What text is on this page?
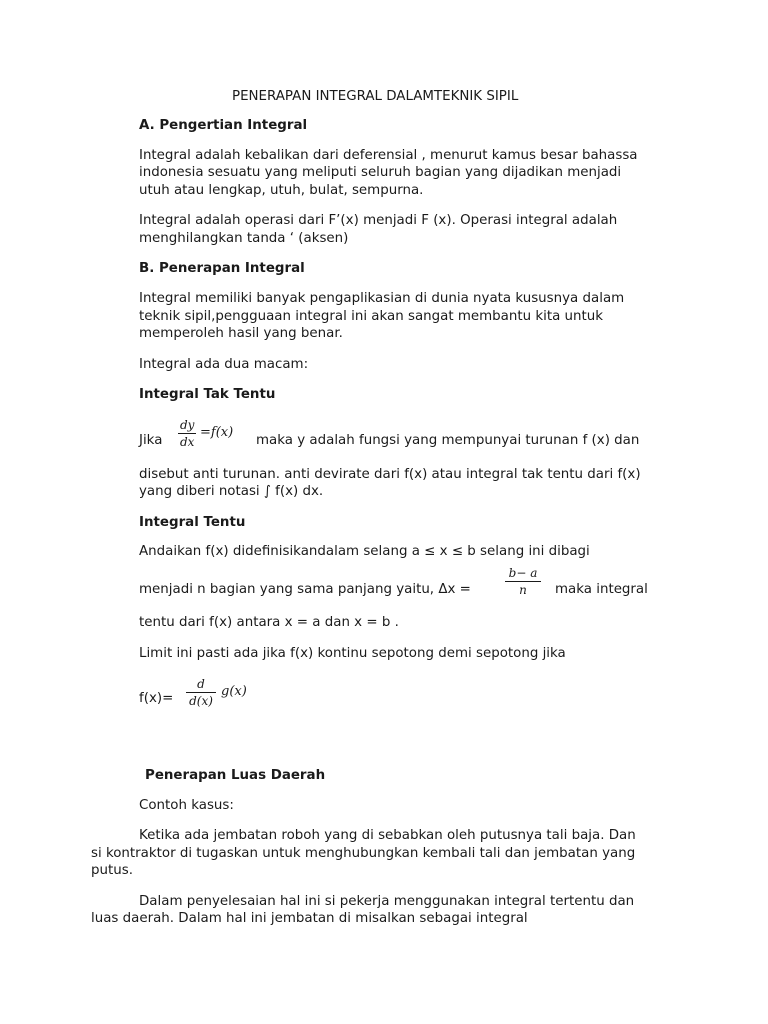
PENERAPAN INTEGRAL DALAMTEKNIK SIPIL
A. Pengertian Integral
Integral adalah kebalikan dari deferensial , menurut kamus besar bahassa
indonesia sesuatu yang meliputi seluruh bagian yang dijadikan menjadi
utuh atau lengkap, utuh, bulat, sempurna.
Integral adalah operasi dari F’(x) menjadi F (x). Operasi integral adalah
menghilangkan tanda ‘ (aksen)
B. Penerapan Integral
Integral memiliki banyak pengaplikasian di dunia nyata kususnya dalam
teknik sipil,pengguaan integral ini akan sangat membantu kita untuk
memperoleh hasil yang benar.
Integral ada dua macam:
Integral Tak Tentu
Jika $\frac{dy}{dx} =f(x)$
maka y adalah fungsi yang mempunyai turunan f (x) dan
disebut anti turunan. anti devirate dari f(x) atau integral tak tentu dari f(x)
yang diberi notasi ∫ f(x) dx.
Integral Tentu
Andaikan f(x) didefinisikandalam selang a ≤ x ≤ b selang ini dibagi
menjadi n bagian yang sama panjang yaitu, Δx =	$\frac{b- a}{n}$ maka integral
tentu dari f(x) antara x = a dan x = b .
Limit ini pasti ada jika f(x) kontinu sepotong demi sepotong jika
$f(x)= \frac{d}{d(x)} g(x)$
Penerapan Luas Daerah
Contoh kasus:
Ketika ada jembatan roboh yang di sebabkan oleh putusnya tali baja. Dan
si kontraktor di tugaskan untuk menghubungkan kembali tali dan jembatan yang
putus.
Dalam penyelesaian hal ini si pekerja menggunakan integral tertentu dan
luas daerah. Dalam hal ini jembatan di misalkan sebagai integral
